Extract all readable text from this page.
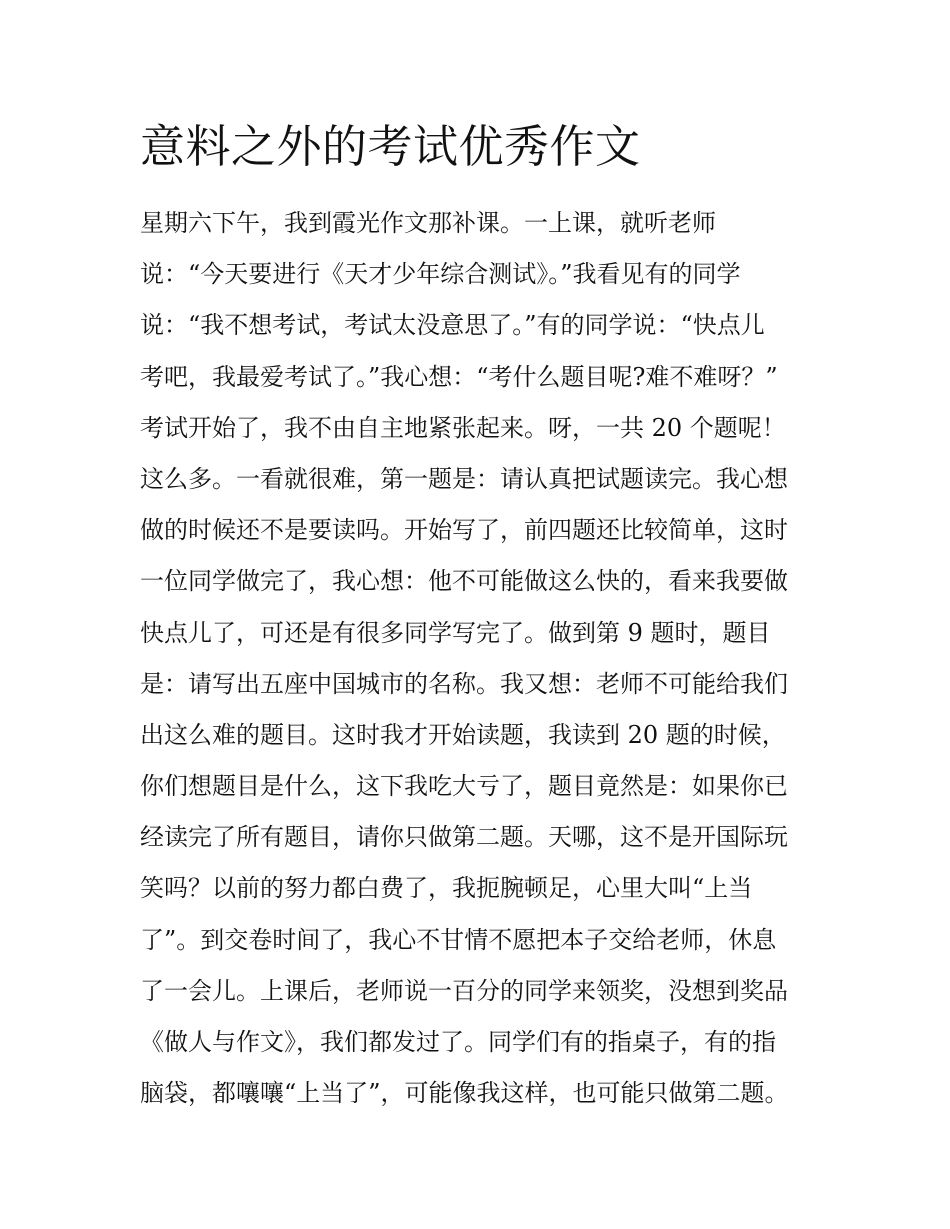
意料之外的考试优秀作文
星期六下午，我到霞光作文那补课。一上课，就听老师
说：“今天要进行《天才少年综合测试》。”我看见有的同学
说：“我不想考试，考试太没意思了。”有的同学说：“快点儿
考吧，我最爱考试了。”我心想：“考什么题目呢?难不难呀？”
考试开始了，我不由自主地紧张起来。呀，一共 20 个题呢！
这么多。一看就很难，第一题是：请认真把试题读完。我心想
做的时候还不是要读吗。开始写了，前四题还比较简单，这时
一位同学做完了，我心想：他不可能做这么快的，看来我要做
快点儿了，可还是有很多同学写完了。做到第 9 题时，题目
是：请写出五座中国城市的名称。我又想：老师不可能给我们
出这么难的题目。这时我才开始读题，我读到 20 题的时候，
你们想题目是什么，这下我吃大亏了，题目竟然是：如果你已
经读完了所有题目，请你只做第二题。天哪，这不是开国际玩
笑吗？以前的努力都白费了，我扼腕顿足，心里大叫“上当
了”。到交卷时间了，我心不甘情不愿把本子交给老师，休息
了一会儿。上课后，老师说一百分的同学来领奖，没想到奖品
《做人与作文》，我们都发过了。同学们有的指桌子，有的指
脑袋，都嚷嚷“上当了”，可能像我这样，也可能只做第二题。
